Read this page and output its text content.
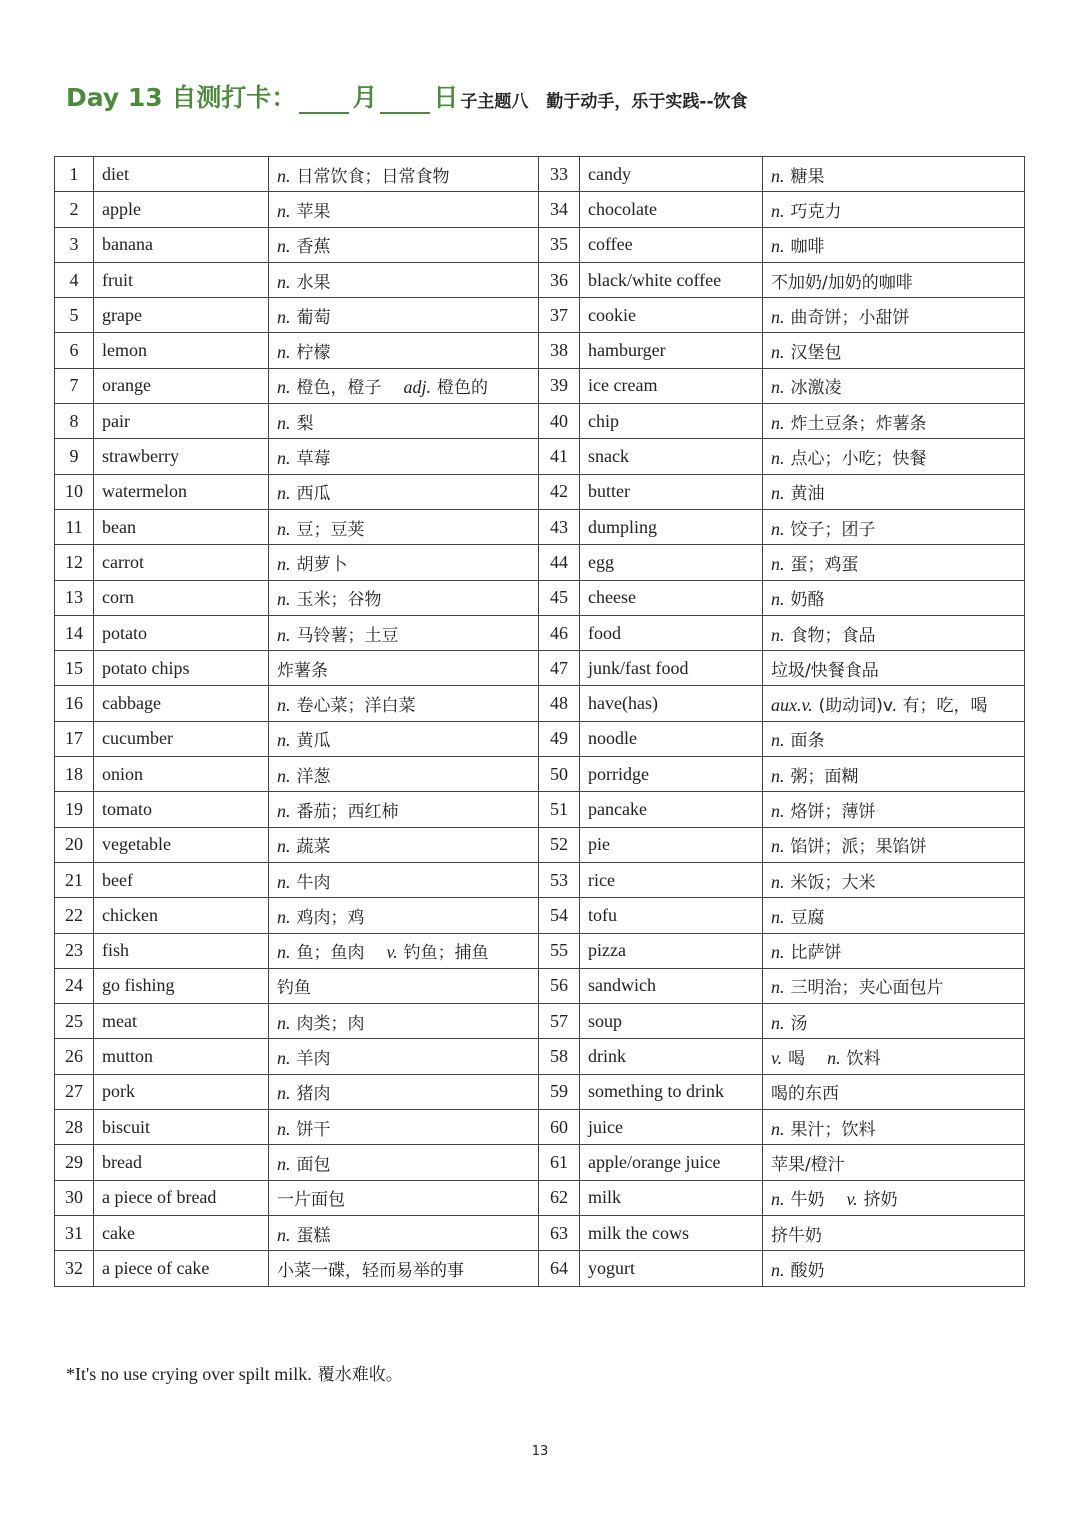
Day 13 自测打卡： 月 日 子主题八 勤于动手，乐于实践--饮食
1	diet	n. 日常饮食；日常食物	33	candy	n. 糖果
2	apple	n. 苹果	34	chocolate	n. 巧克力
3	banana	n. 香蕉	35	coffee	n. 咖啡
4	fruit	n. 水果	36	black/white coffee	不加奶/加奶的咖啡
5	grape	n. 葡萄	37	cookie	n. 曲奇饼；小甜饼
6	lemon	n. 柠檬	38	hamburger	n. 汉堡包
7	orange	n. 橙色，橙子 adj. 橙色的	39	ice cream	n. 冰激凌
8	pair	n. 梨	40	chip	n. 炸土豆条；炸薯条
9	strawberry	n. 草莓	41	snack	n. 点心；小吃；快餐
10	watermelon	n. 西瓜	42	butter	n. 黄油
11	bean	n. 豆；豆荚	43	dumpling	n. 饺子；团子
12	carrot	n. 胡萝卜	44	egg	n. 蛋；鸡蛋
13	corn	n. 玉米；谷物	45	cheese	n. 奶酪
14	potato	n. 马铃薯；土豆	46	food	n. 食物；食品
15	potato chips	炸薯条	47	junk/fast food	垃圾/快餐食品
16	cabbage	n. 卷心菜；洋白菜	48	have(has)	aux.v. (助动词)v. 有；吃，喝
17	cucumber	n. 黄瓜	49	noodle	n. 面条
18	onion	n. 洋葱	50	porridge	n. 粥；面糊
19	tomato	n. 番茄；西红柿	51	pancake	n. 烙饼；薄饼
20	vegetable	n. 蔬菜	52	pie	n. 馅饼；派；果馅饼
21	beef	n. 牛肉	53	rice	n. 米饭；大米
22	chicken	n. 鸡肉；鸡	54	tofu	n. 豆腐
23	fish	n. 鱼；鱼肉 v. 钓鱼；捕鱼	55	pizza	n. 比萨饼
24	go fishing	钓鱼	56	sandwich	n. 三明治；夹心面包片
25	meat	n. 肉类；肉	57	soup	n. 汤
26	mutton	n. 羊肉	58	drink	v. 喝 n. 饮料
27	pork	n. 猪肉	59	something to drink	喝的东西
28	biscuit	n. 饼干	60	juice	n. 果汁；饮料
29	bread	n. 面包	61	apple/orange juice	苹果/橙汁
30	a piece of bread	一片面包	62	milk	n. 牛奶 v. 挤奶
31	cake	n. 蛋糕	63	milk the cows	挤牛奶
32	a piece of cake	小菜一碟，轻而易举的事	64	yogurt	n. 酸奶
*It's no use crying over spilt milk. 覆水难收。
13
